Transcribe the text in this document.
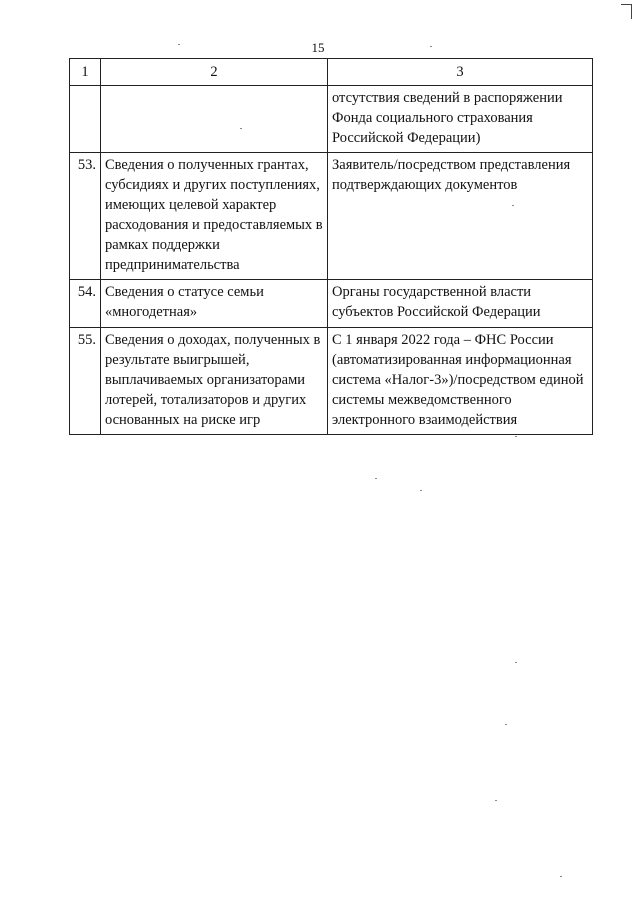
15
1	2	3
		отсутствия сведений в распоряжении Фонда социального страхования Российской Федерации)
53.	Сведения о полученных грантах, субсидиях и других поступлениях, имеющих целевой характер расходования и предоставляемых в рамках поддержки предпринимательства	Заявитель/посредством представления подтверждающих документов
54.	Сведения о статусе семьи «многодетная»	Органы государственной власти субъектов Российской Федерации
55.	Сведения о доходах, полученных в результате выигрышей, выплачиваемых организаторами лотерей, тотализаторов и других основанных на риске игр	С 1 января 2022 года – ФНС России (автоматизированная информационная система «Налог-3»)/посредством единой системы межведомственного электронного взаимодействия
